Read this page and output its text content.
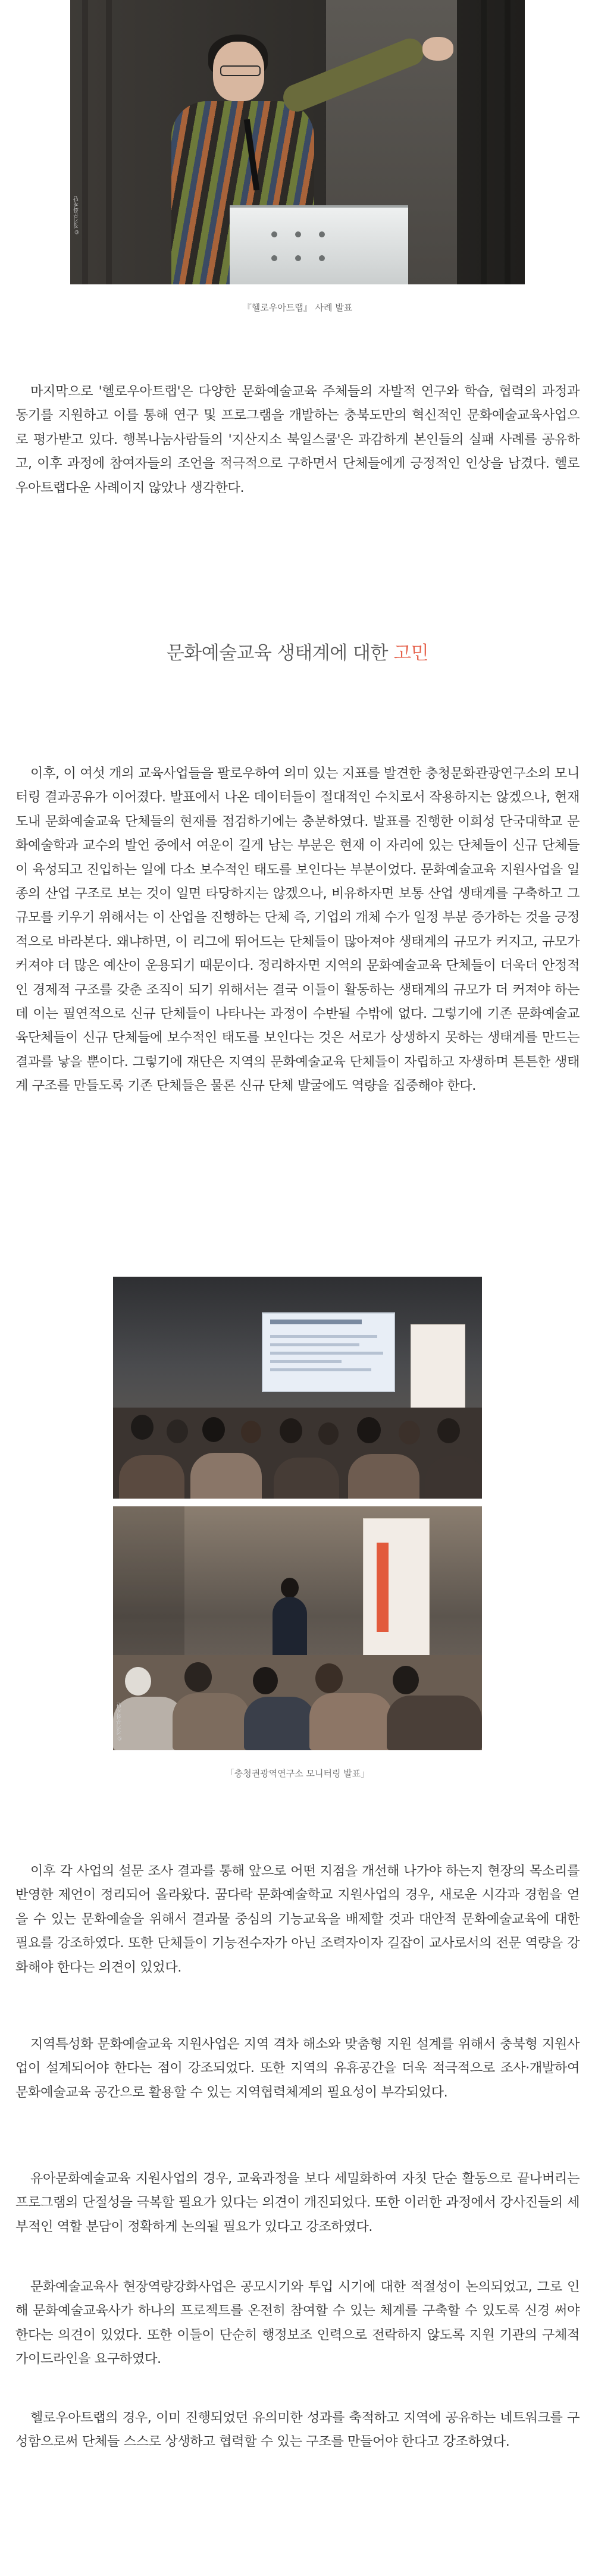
©경기문화재단
『헬로우아트랩』 사례 발표

마지막으로 '헬로우아트랩'은 다양한 문화예술교육 주체들의 자발적 연구와 학습, 협력의 과정과 동기를 지원하고 이를 통해 연구 및 프로그램을 개발하는 충북도만의 혁신적인 문화예술교육사업으로 평가받고 있다. 행복나눔사람들의 '지산지소 북일스쿨'은 과감하게 본인들의 실패 사례를 공유하고, 이후 과정에 참여자들의 조언을 적극적으로 구하면서 단체들에게 긍정적인 인상을 남겼다. 헬로우아트랩다운 사례이지 않았나 생각한다.

문화예술교육 생태계에 대한 고민

이후, 이 여섯 개의 교육사업들을 팔로우하여 의미 있는 지표를 발견한 충청문화관광연구소의 모니터링 결과공유가 이어졌다. 발표에서 나온 데이터들이 절대적인 수치로서 작용하지는 않겠으나, 현재 도내 문화예술교육 단체들의 현재를 점검하기에는 충분하였다. 발표를 진행한 이희성 단국대학교 문화예술학과 교수의 발언 중에서 여운이 길게 남는 부분은 현재 이 자리에 있는 단체들이 신규 단체들이 육성되고 진입하는 일에 다소 보수적인 태도를 보인다는 부분이었다. 문화예술교육 지원사업을 일종의 산업 구조로 보는 것이 일면 타당하지는 않겠으나, 비유하자면 보통 산업 생태계를 구축하고 그 규모를 키우기 위해서는 이 산업을 진행하는 단체 즉, 기업의 개체 수가 일정 부분 증가하는 것을 긍정적으로 바라본다. 왜냐하면, 이 리그에 뛰어드는 단체들이 많아져야 생태계의 규모가 커지고, 규모가 커져야 더 많은 예산이 운용되기 때문이다. 정리하자면 지역의 문화예술교육 단체들이 더욱더 안정적인 경제적 구조를 갖춘 조직이 되기 위해서는 결국 이들이 활동하는 생태계의 규모가 더 커져야 하는데 이는 필연적으로 신규 단체들이 나타나는 과정이 수반될 수밖에 없다. 그렇기에 기존 문화예술교육단체들이 신규 단체들에 보수적인 태도를 보인다는 것은 서로가 상생하지 못하는 생태계를 만드는 결과를 낳을 뿐이다. 그렇기에 재단은 지역의 문화예술교육 단체들이 자립하고 자생하며 튼튼한 생태계 구조를 만들도록 기존 단체들은 물론 신규 단체 발굴에도 역량을 집중해야 한다.

©경기문화재단
「충청권광역연구소 모니터링 발표」

이후 각 사업의 설문 조사 결과를 통해 앞으로 어떤 지점을 개선해 나가야 하는지 현장의 목소리를 반영한 제언이 정리되어 올라왔다. 꿈다락 문화예술학교 지원사업의 경우, 새로운 시각과 경험을 얻을 수 있는 문화예술을 위해서 결과물 중심의 기능교육을 배제할 것과 대안적 문화예술교육에 대한 필요를 강조하였다. 또한 단체들이 기능전수자가 아닌 조력자이자 길잡이 교사로서의 전문 역량을 강화해야 한다는 의견이 있었다.

지역특성화 문화예술교육 지원사업은 지역 격차 해소와 맞춤형 지원 설계를 위해서 충북형 지원사업이 설계되어야 한다는 점이 강조되었다. 또한 지역의 유휴공간을 더욱 적극적으로 조사·개발하여 문화예술교육 공간으로 활용할 수 있는 지역협력체계의 필요성이 부각되었다.

유아문화예술교육 지원사업의 경우, 교육과정을 보다 세밀화하여 자칫 단순 활동으로 끝나버리는 프로그램의 단절성을 극복할 필요가 있다는 의견이 개진되었다. 또한 이러한 과정에서 강사진들의 세부적인 역할 분담이 정확하게 논의될 필요가 있다고 강조하였다.

문화예술교육사 현장역량강화사업은 공모시기와 투입 시기에 대한 적절성이 논의되었고, 그로 인해 문화예술교육사가 하나의 프로젝트를 온전히 참여할 수 있는 체계를 구축할 수 있도록 신경 써야 한다는 의견이 있었다. 또한 이들이 단순히 행정보조 인력으로 전락하지 않도록 지원 기관의 구체적 가이드라인을 요구하였다.

헬로우아트랩의 경우, 이미 진행되었던 유의미한 성과를 축적하고 지역에 공유하는 네트워크를 구성함으로써 단체들 스스로 상생하고 협력할 수 있는 구조를 만들어야 한다고 강조하였다.
